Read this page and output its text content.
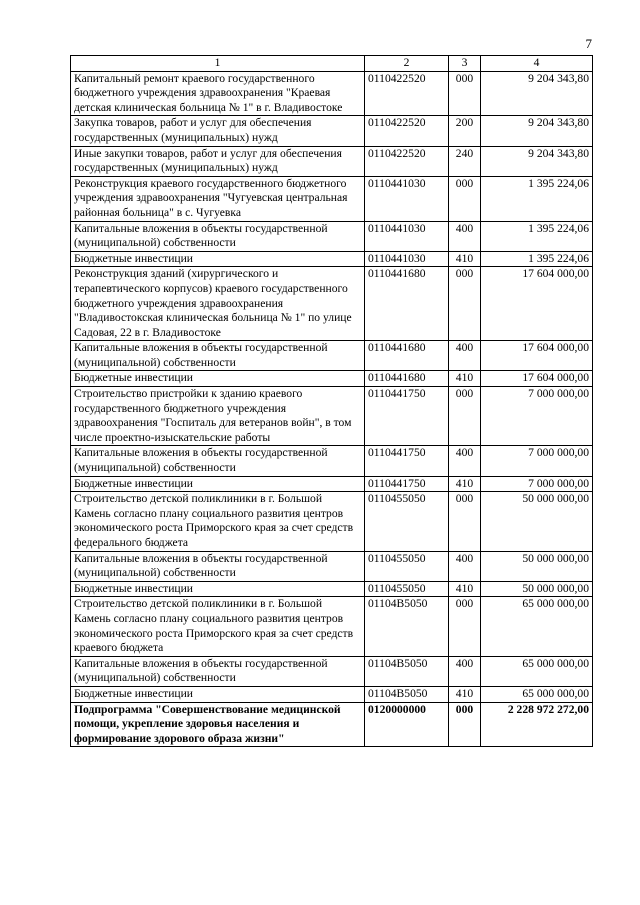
7
1	2	3	4
Капитальный ремонт краевого государственного бюджетного учреждения здравоохранения "Краевая детская клиническая больница № 1" в г. Владивостоке	0110422520	000	9 204 343,80
Закупка товаров, работ и услуг для обеспечения государственных (муниципальных) нужд	0110422520	200	9 204 343,80
Иные закупки товаров, работ и услуг для обеспечения государственных (муниципальных) нужд	0110422520	240	9 204 343,80
Реконструкция краевого государственного бюджетного учреждения здравоохранения "Чугуевская центральная районная больница" в с. Чугуевка	0110441030	000	1 395 224,06
Капитальные вложения в объекты государственной (муниципальной) собственности	0110441030	400	1 395 224,06
Бюджетные инвестиции	0110441030	410	1 395 224,06
Реконструкция зданий (хирургического и терапевтического корпусов) краевого государственного бюджетного учреждения здравоохранения "Владивостокская клиническая больница № 1" по улице Садовая, 22 в г. Владивостоке	0110441680	000	17 604 000,00
Капитальные вложения в объекты государственной (муниципальной) собственности	0110441680	400	17 604 000,00
Бюджетные инвестиции	0110441680	410	17 604 000,00
Строительство пристройки к зданию краевого государственного бюджетного учреждения здравоохранения "Госпиталь для ветеранов войн", в том числе проектно-изыскательские работы	0110441750	000	7 000 000,00
Капитальные вложения в объекты государственной (муниципальной) собственности	0110441750	400	7 000 000,00
Бюджетные инвестиции	0110441750	410	7 000 000,00
Строительство детской поликлиники в г. Большой Камень согласно плану социального развития центров экономического роста Приморского края за счет средств федерального бюджета	0110455050	000	50 000 000,00
Капитальные вложения в объекты государственной (муниципальной) собственности	0110455050	400	50 000 000,00
Бюджетные инвестиции	0110455050	410	50 000 000,00
Строительство детской поликлиники в г. Большой Камень согласно плану социального развития центров экономического роста Приморского края за счет средств краевого бюджета	01104В5050	000	65 000 000,00
Капитальные вложения в объекты государственной (муниципальной) собственности	01104В5050	400	65 000 000,00
Бюджетные инвестиции	01104В5050	410	65 000 000,00
Подпрограмма "Совершенствование медицинской помощи, укрепление здоровья населения и формирование здорового образа жизни"	0120000000	000	2 228 972 272,00
